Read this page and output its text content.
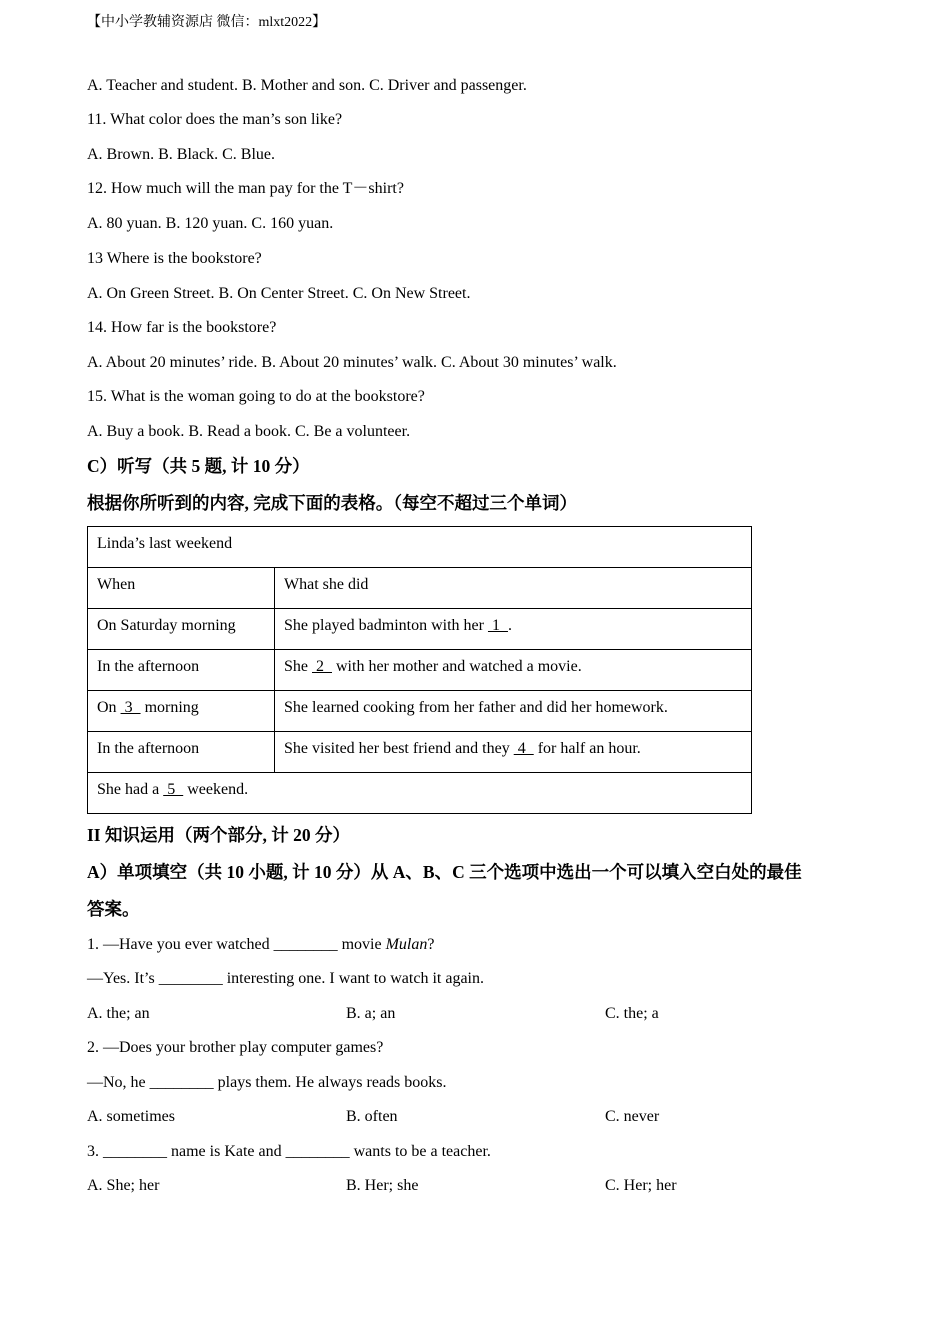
【中小学教辅资源店 微信：mlxt2022】
A. Teacher and student. B. Mother and son. C. Driver and passenger.
11. What color does the man’s son like?
A. Brown. B. Black. C. Blue.
12. How much will the man pay for the T－shirt?
A. 80 yuan. B. 120 yuan. C. 160 yuan.
13 Where is the bookstore?
A. On Green Street. B. On Center Street. C. On New Street.
14. How far is the bookstore?
A. About 20 minutes’ ride. B. About 20 minutes’ walk. C. About 30 minutes’ walk.
15. What is the woman going to do at the bookstore?
A. Buy a book. B. Read a book. C. Be a volunteer.
C）听写（共 5 题, 计 10 分）
根据你所听到的内容, 完成下面的表格。（每空不超过三个单词）
Linda’s last weekend	
When	What she did
On Saturday morning	She played badminton with her  1  .
In the afternoon	She  2   with her mother and watched a movie.
On  3   morning	She learned cooking from her father and did her homework.
In the afternoon	She visited her best friend and they  4   for half an hour.
She had a  5   weekend.	
II 知识运用（两个部分, 计 20 分）
A）单项填空（共 10 小题, 计 10 分）从 A、B、C 三个选项中选出一个可以填入空白处的最佳
答案。
1. —Have you ever watched ________ movie Mulan?
—Yes. It’s ________ interesting one. I want to watch it again.
A. the; an	B. a; an	C. the; a
2. —Does your brother play computer games?
—No, he ________ plays them. He always reads books.
A. sometimes	B. often	C. never
3. ________ name is Kate and ________ wants to be a teacher.
A. She; her	B. Her; she	C. Her; her
